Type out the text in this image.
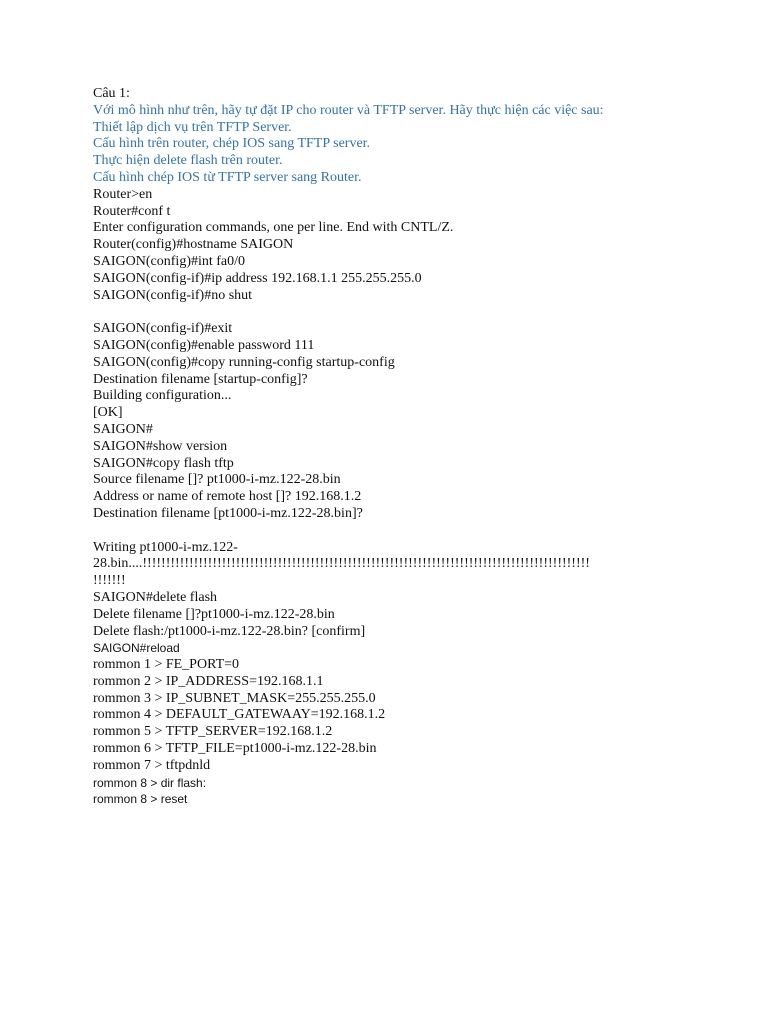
Câu 1:

Với mô hình như trên, hãy tự đặt IP cho router và TFTP server. Hãy thực hiện các việc sau:

Thiết lập dịch vụ trên TFTP Server.

Cấu hình trên router, chép IOS sang TFTP server.

Thực hiện delete flash trên router.

Cấu hình chép IOS từ TFTP server sang Router.

Router>en

Router#conf t

Enter configuration commands, one per line. End with CNTL/Z.

Router(config)#hostname SAIGON

SAIGON(config)#int fa0/0

SAIGON(config-if)#ip address 192.168.1.1 255.255.255.0

SAIGON(config-if)#no shut

SAIGON(config-if)#exit

SAIGON(config)#enable password 111

SAIGON(config)#copy running-config startup-config

Destination filename [startup-config]?

Building configuration...

[OK]

SAIGON#

SAIGON#show version

SAIGON#copy flash tftp

Source filename []? pt1000-i-mz.122-28.bin

Address or name of remote host []? 192.168.1.2

Destination filename [pt1000-i-mz.122-28.bin]?

Writing pt1000-i-mz.122-

28.bin....!!!!!!!!!!!!!!!!!!!!!!!!!!!!!!!!!!!!!!!!!!!!!!!!!!!!!!!!!!!!!!!!!!!!!!!!!!!!!!!!!!!!!!!!!!!!!!!!

!!!!!!!

SAIGON#delete flash

Delete filename []?pt1000-i-mz.122-28.bin

Delete flash:/pt1000-i-mz.122-28.bin? [confirm]

SAIGON#reload

rommon 1 > FE_PORT=0

rommon 2 > IP_ADDRESS=192.168.1.1

rommon 3 > IP_SUBNET_MASK=255.255.255.0

rommon 4 > DEFAULT_GATEWAAY=192.168.1.2

rommon 5 > TFTP_SERVER=192.168.1.2

rommon 6 > TFTP_FILE=pt1000-i-mz.122-28.bin

rommon 7 > tftpdnld

rommon 8 > dir flash:

rommon 8 > reset
